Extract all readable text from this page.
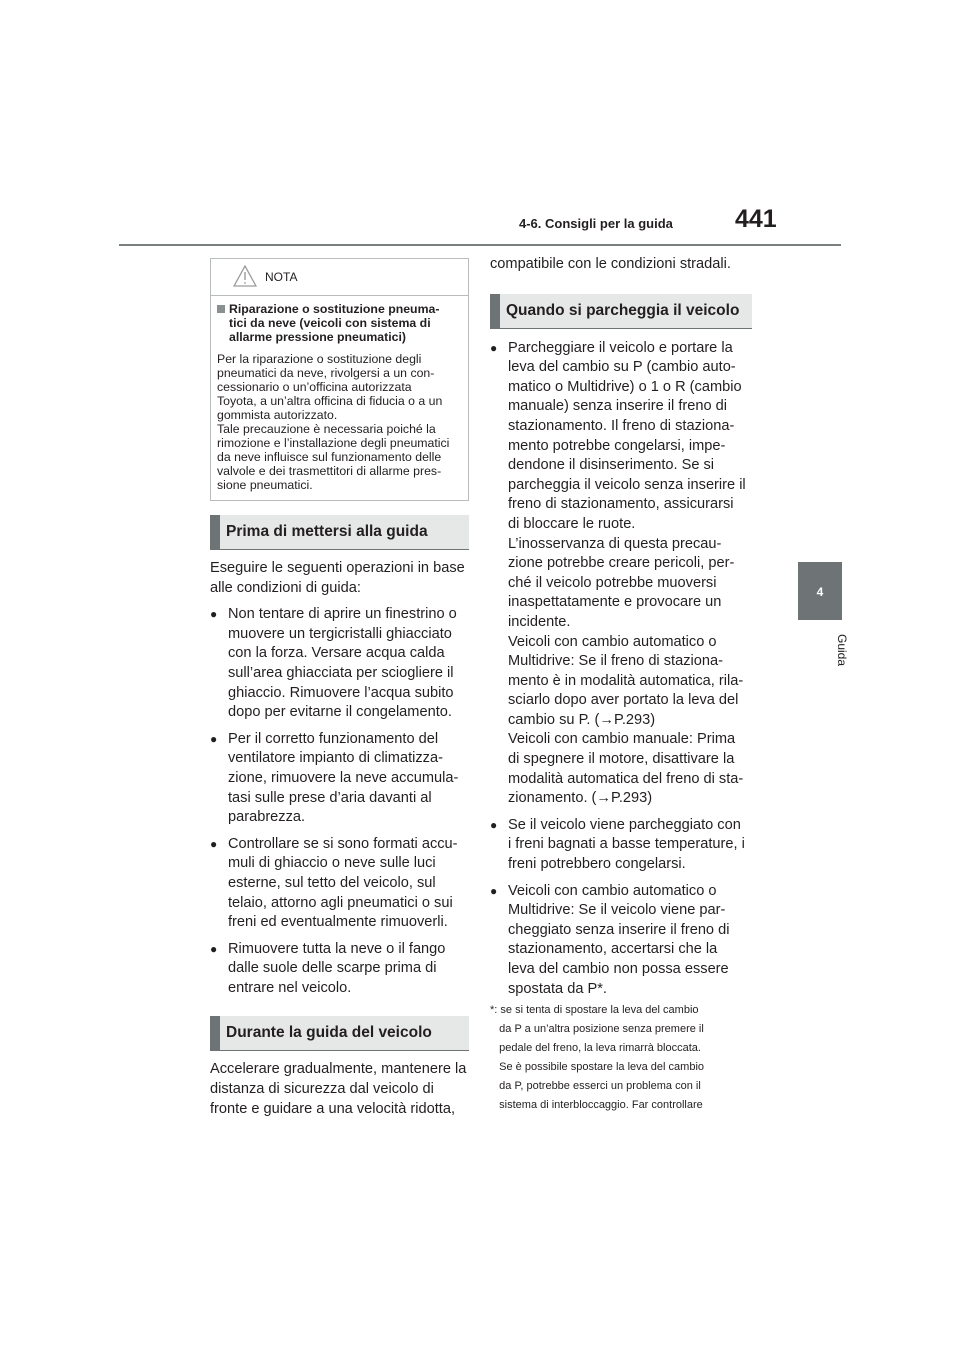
4-6. Consigli per la guida 441
4
Guida
NOTA
Riparazione o sostituzione pneuma-
tici da neve (veicoli con sistema di
allarme pressione pneumatici)
Per la riparazione o sostituzione degli
pneumatici da neve, rivolgersi a un con-
cessionario o un’officina autorizzata
Toyota, a un’altra officina di fiducia o a un
gommista autorizzato.
Tale precauzione è necessaria poiché la
rimozione e l’installazione degli pneumatici
da neve influisce sul funzionamento delle
valvole e dei trasmettitori di allarme pres-
sione pneumatici.
Prima di mettersi alla guida
Eseguire le seguenti operazioni in base
alle condizioni di guida:
● Non tentare di aprire un finestrino o
muovere un tergicristalli ghiacciato
con la forza. Versare acqua calda
sull’area ghiacciata per sciogliere il
ghiaccio. Rimuovere l’acqua subito
dopo per evitarne il congelamento.
● Per il corretto funzionamento del
ventilatore impianto di climatizza-
zione, rimuovere la neve accumula-
tasi sulle prese d’aria davanti al
parabrezza.
● Controllare se si sono formati accu-
muli di ghiaccio o neve sulle luci
esterne, sul tetto del veicolo, sul
telaio, attorno agli pneumatici o sui
freni ed eventualmente rimuoverli.
● Rimuovere tutta la neve o il fango
dalle suole delle scarpe prima di
entrare nel veicolo.
Durante la guida del veicolo
Accelerare gradualmente, mantenere la
distanza di sicurezza dal veicolo di
fronte e guidare a una velocità ridotta,
compatibile con le condizioni stradali.
Quando si parcheggia il veicolo
● Parcheggiare il veicolo e portare la
leva del cambio su P (cambio auto-
matico o Multidrive) o 1 o R (cambio
manuale) senza inserire il freno di
stazionamento. Il freno di staziona-
mento potrebbe congelarsi, impe-
dendone il disinserimento. Se si
parcheggia il veicolo senza inserire il
freno di stazionamento, assicurarsi
di bloccare le ruote.
L’inosservanza di questa precau-
zione potrebbe creare pericoli, per-
ché il veicolo potrebbe muoversi
inaspettatamente e provocare un
incidente.
Veicoli con cambio automatico o
Multidrive: Se il freno di staziona-
mento è in modalità automatica, rila-
sciarlo dopo aver portato la leva del
cambio su P. (→P.293)
Veicoli con cambio manuale: Prima
di spegnere il motore, disattivare la
modalità automatica del freno di sta-
zionamento. (→P.293)
● Se il veicolo viene parcheggiato con
i freni bagnati a basse temperature, i
freni potrebbero congelarsi.
● Veicoli con cambio automatico o
Multidrive: Se il veicolo viene par-
cheggiato senza inserire il freno di
stazionamento, accertarsi che la
leva del cambio non possa essere
spostata da P*.
*: se si tenta di spostare la leva del cambio
da P a un’altra posizione senza premere il
pedale del freno, la leva rimarrà bloccata.
Se è possibile spostare la leva del cambio
da P, potrebbe esserci un problema con il
sistema di interbloccaggio. Far controllare
